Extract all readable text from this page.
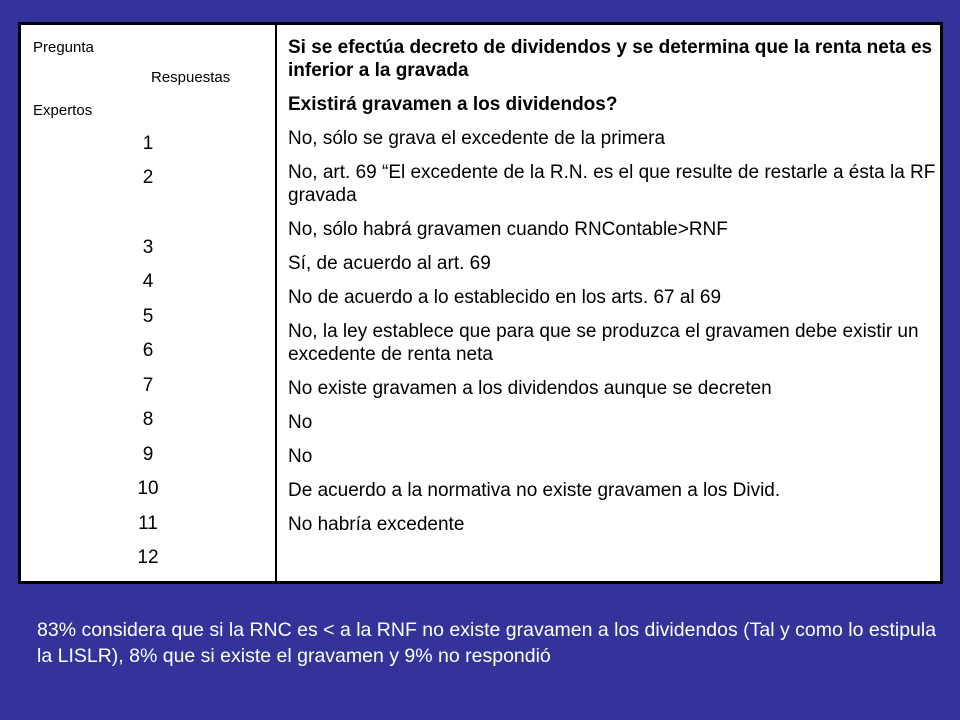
Pregunta
Respuestas
Expertos
1
2
3
4
5
6
7
8
9
10
11
12

Si se efectúa decreto de dividendos y se determina que la renta neta es inferior a la gravada

Existirá gravamen a los dividendos?

No, sólo se grava el excedente de la primera

No, art. 69 “El excedente de la R.N. es el que resulte de restarle a ésta la RF gravada

No, sólo habrá gravamen cuando RNContable>RNF

Sí, de acuerdo al art. 69

No de acuerdo a lo establecido en los arts. 67 al 69

No, la ley establece que para que se produzca el gravamen debe existir un excedente de renta neta

No existe gravamen a los dividendos aunque se decreten

No

No

De acuerdo a la normativa no existe gravamen a los Divid.

No habría excedente

83% considera que si la RNC es < a la RNF no existe gravamen a los dividendos (Tal y como lo estipula la LISLR), 8% que si existe el gravamen y 9% no respondió
